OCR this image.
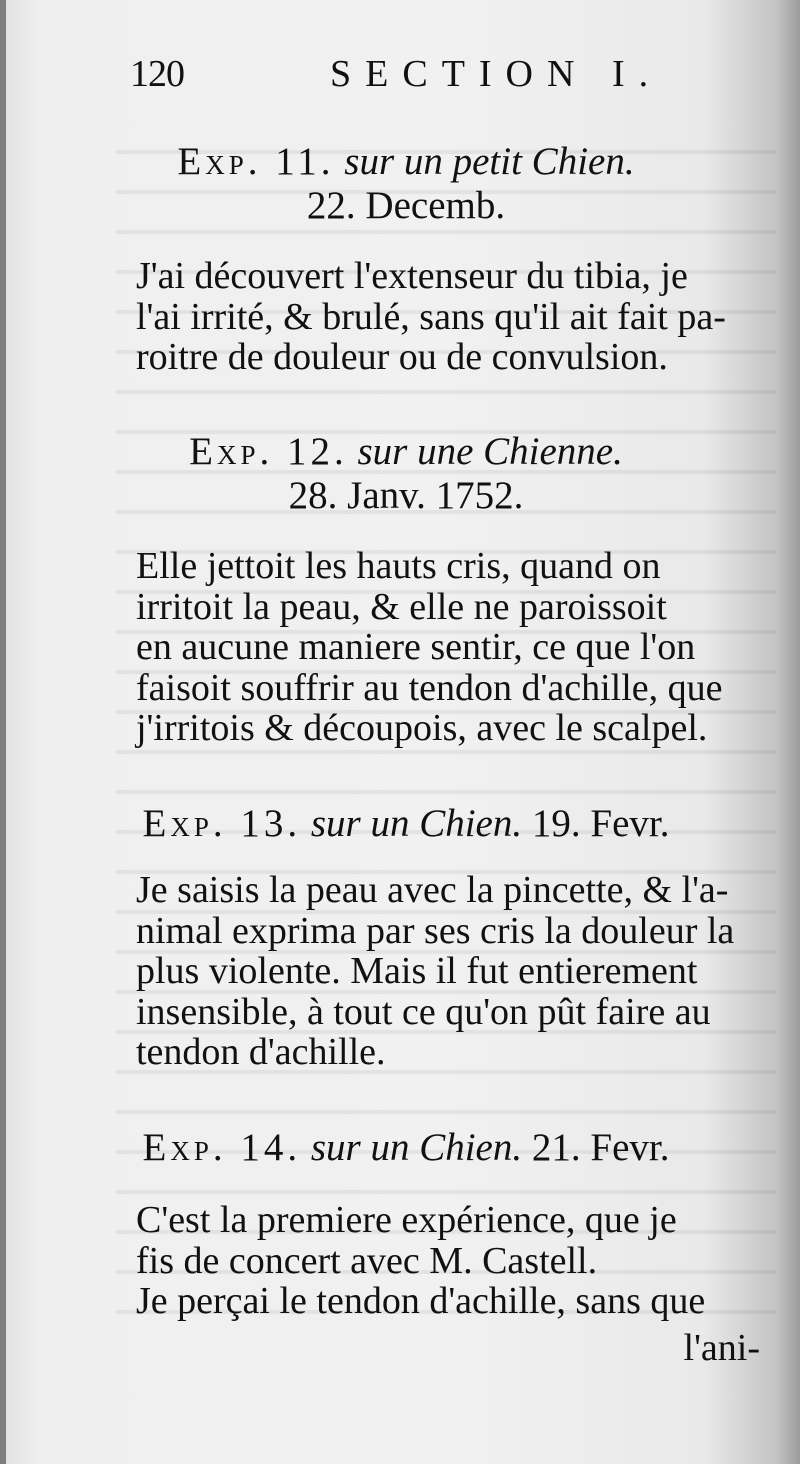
120	SECTION I.
Exp. 11. sur un petit Chien.
22. Decemb.
J'ai découvert l'extenseur du tibia, je
l'ai irrité, & brulé, sans qu'il ait fait pa-
roitre de douleur ou de convulsion.
Exp. 12. sur une Chienne.
28. Janv. 1752.
Elle jettoit les hauts cris, quand on
irritoit la peau, & elle ne paroissoit
en aucune maniere sentir, ce que l'on
faisoit souffrir au tendon d'achille, que
j'irritois & découpois, avec le scalpel.
Exp. 13. sur un Chien. 19. Fevr.
Je saisis la peau avec la pincette, & l'a-
nimal exprima par ses cris la douleur la
plus violente. Mais il fut entierement
insensible, à tout ce qu'on pût faire au
tendon d'achille.
Exp. 14. sur un Chien. 21. Fevr.
C'est la premiere expérience, que je
fis de concert avec M. Castell.
Je perçai le tendon d'achille, sans que
l'ani-
